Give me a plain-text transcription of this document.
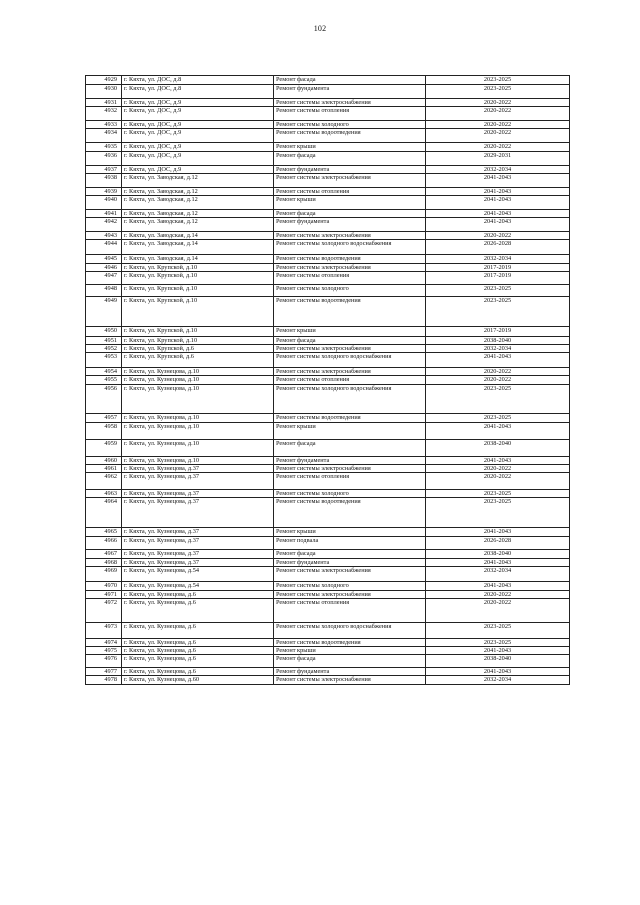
102
4929	г. Кяхта, ул. ДОС, д.8	Ремонт фасада	2023-2025
4930	г. Кяхта, ул. ДОС, д.8	Ремонт фундамента	2023-2025
4931	г. Кяхта, ул. ДОС, д.9	Ремонт системы электроснабжения	2020-2022
4932	г. Кяхта, ул. ДОС, д.9	Ремонт системы отопления	2020-2022
4933	г. Кяхта, ул. ДОС, д.9	Ремонт системы холодного	2020-2022
4934	г. Кяхта, ул. ДОС, д.9	Ремонт системы водоотведения	2020-2022
4935	г. Кяхта, ул. ДОС, д.9	Ремонт крыши	2020-2022
4936	г. Кяхта, ул. ДОС, д.9	Ремонт фасада	2029-2031
4937	г. Кяхта, ул. ДОС, д.9	Ремонт фундамента	2032-2034
4938	г. Кяхта, ул. Заводская, д.12	Ремонт системы электроснабжения	2041-2043
4939	г. Кяхта, ул. Заводская, д.12	Ремонт системы отопления	2041-2043
4940	г. Кяхта, ул. Заводская, д.12	Ремонт крыши	2041-2043
4941	г. Кяхта, ул. Заводская, д.12	Ремонт фасада	2041-2043
4942	г. Кяхта, ул. Заводская, д.12	Ремонт фундамента	2041-2043
4943	г. Кяхта, ул. Заводская, д.14	Ремонт системы электроснабжения	2020-2022
4944	г. Кяхта, ул. Заводская, д.14	Ремонт системы холодного водоснабжения	2026-2028
4945	г. Кяхта, ул. Заводская, д.14	Ремонт системы водоотведения	2032-2034
4946	г. Кяхта, ул. Крупской, д.10	Ремонт системы электроснабжения	2017-2019
4947	г. Кяхта, ул. Крупской, д.10	Ремонт системы отопления	2017-2019
4948	г. Кяхта, ул. Крупской, д.10	Ремонт системы холодного	2023-2025
4949	г. Кяхта, ул. Крупской, д.10	Ремонт системы водоотведения	2023-2025
4950	г. Кяхта, ул. Крупской, д.10	Ремонт крыши	2017-2019
4951	г. Кяхта, ул. Крупской, д.10	Ремонт фасада	2038-2040
4952	г. Кяхта, ул. Крупской, д.6	Ремонт системы электроснабжения	2032-2034
4953	г. Кяхта, ул. Крупской, д.6	Ремонт системы холодного водоснабжения	2041-2043
4954	г. Кяхта, ул. Кузнецова, д.10	Ремонт системы электроснабжения	2020-2022
4955	г. Кяхта, ул. Кузнецова, д.10	Ремонт системы отопления	2020-2022
4956	г. Кяхта, ул. Кузнецова, д.10	Ремонт системы холодного водоснабжения	2023-2025
4957	г. Кяхта, ул. Кузнецова, д.10	Ремонт системы водоотведения	2023-2025
4958	г. Кяхта, ул. Кузнецова, д.10	Ремонт крыши	2041-2043
4959	г. Кяхта, ул. Кузнецова, д.10	Ремонт фасада	2038-2040
4960	г. Кяхта, ул. Кузнецова, д.10	Ремонт фундамента	2041-2043
4961	г. Кяхта, ул. Кузнецова, д.37	Ремонт системы электроснабжения	2020-2022
4962	г. Кяхта, ул. Кузнецова, д.37	Ремонт системы отопления	2020-2022
4963	г. Кяхта, ул. Кузнецова, д.37	Ремонт системы холодного	2023-2025
4964	г. Кяхта, ул. Кузнецова, д.37	Ремонт системы водоотведения	2023-2025
4965	г. Кяхта, ул. Кузнецова, д.37	Ремонт крыши	2041-2043
4966	г. Кяхта, ул. Кузнецова, д.37	Ремонт подвала	2026-2028
4967	г. Кяхта, ул. Кузнецова, д.37	Ремонт фасада	2038-2040
4968	г. Кяхта, ул. Кузнецова, д.37	Ремонт фундамента	2041-2043
4969	г. Кяхта, ул. Кузнецова, д.54	Ремонт системы электроснабжения	2032-2034
4970	г. Кяхта, ул. Кузнецова, д.54	Ремонт системы холодного	2041-2043
4971	г. Кяхта, ул. Кузнецова, д.6	Ремонт системы электроснабжения	2020-2022
4972	г. Кяхта, ул. Кузнецова, д.6	Ремонт системы отопления	2020-2022
4973	г. Кяхта, ул. Кузнецова, д.6	Ремонт системы холодного водоснабжения	2023-2025
4974	г. Кяхта, ул. Кузнецова, д.6	Ремонт системы водоотведения	2023-2025
4975	г. Кяхта, ул. Кузнецова, д.6	Ремонт крыши	2041-2043
4976	г. Кяхта, ул. Кузнецова, д.6	Ремонт фасада	2038-2040
4977	г. Кяхта, ул. Кузнецова, д.6	Ремонт фундамента	2041-2043
4978	г. Кяхта, ул. Кузнецова, д.60	Ремонт системы электроснабжения	2032-2034
